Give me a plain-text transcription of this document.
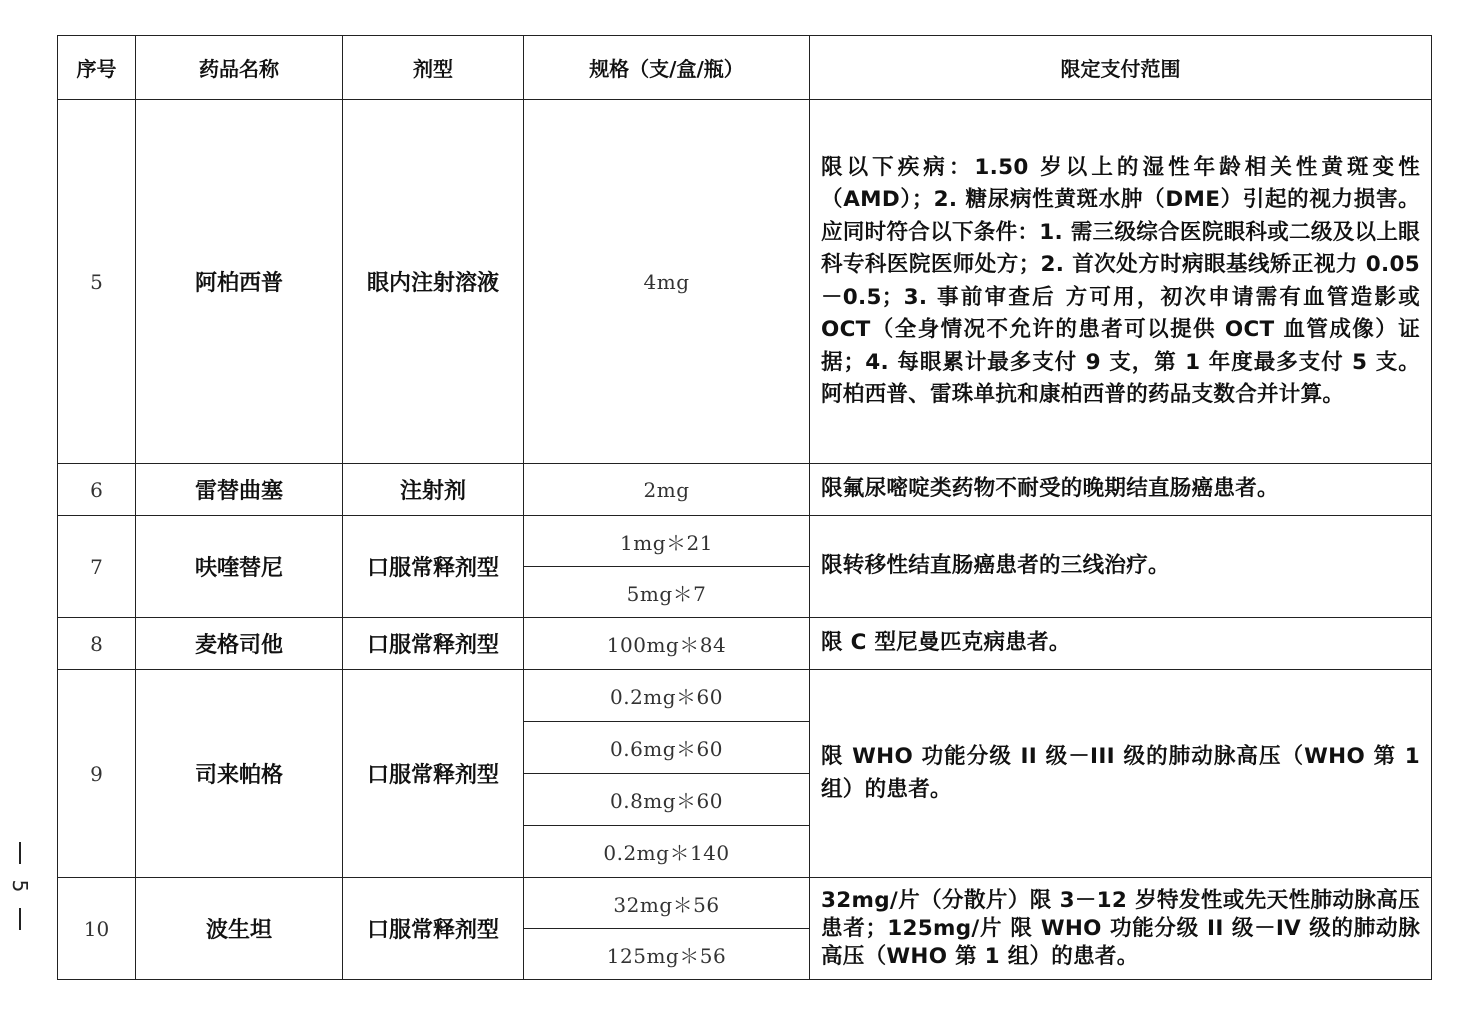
序号	药品名称	剂型	规格（支/盒/瓶）	限定支付范围
5	阿柏西普	眼内注射溶液	4mg	限以下疾病：1.50 岁以上的湿性年龄相关性黄斑变性（AMD）；2. 糖尿病性黄斑水肿（DME）引起的视力损害。应同时符合以下条件：1. 需三级综合医院眼科或二级及以上眼科专科医院医师处方；2. 首次处方时病眼基线矫正视力 0.05－0.5；3. 事前审查后 方可用，初次申请需有血管造影或 OCT（全身情况不允许的患者可以提供 OCT 血管成像）证据；4. 每眼累计最多支付 9 支，第 1 年度最多支付 5 支。阿柏西普、雷珠单抗和康柏西普的药品支数合并计算。
6	雷替曲塞	注射剂	2mg	限氟尿嘧啶类药物不耐受的晚期结直肠癌患者。
7	呋喹替尼	口服常释剂型	1mg＊21	限转移性结直肠癌患者的三线治疗。
			5mg＊7	
8	麦格司他	口服常释剂型	100mg＊84	限 C 型尼曼匹克病患者。
9	司来帕格	口服常释剂型	0.2mg＊60	限 WHO 功能分级 II 级－III 级的肺动脉高压（WHO 第 1 组）的患者。
			0.6mg＊60	
			0.8mg＊60	
			0.2mg＊140	
10	波生坦	口服常释剂型	32mg＊56	32mg/片（分散片）限 3－12 岁特发性或先天性肺动脉高压患者；125mg/片 限 WHO 功能分级 II 级－IV 级的肺动脉高压（WHO 第 1 组）的患者。
			125mg＊56	
5
